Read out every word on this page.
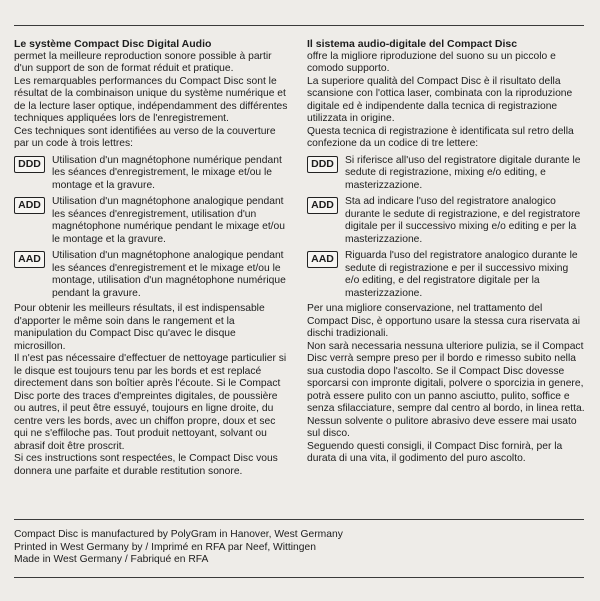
Le système Compact Disc Digital Audio

permet la meilleure reproduction sonore possible à partir d'un support de son de format réduit et pratique.

Les remarquables performances du Compact Disc sont le résultat de la combinaison unique du système numérique et de la lecture laser optique, indépendamment des différentes techniques appliquées lors de l'enregistrement.

Ces techniques sont identifiées au verso de la couverture par un code à trois lettres:

DDD	Utilisation d'un magnétophone numérique pendant les séances d'enregistrement, le mixage et/ou le montage et la gravure.
ADD	Utilisation d'un magnétophone analogique pendant les séances d'enregistrement, utilisation d'un magnétophone numérique pendant le mixage et/ou le montage et la gravure.
AAD	Utilisation d'un magnétophone analogique pendant les séances d'enregistrement et le mixage et/ou le montage, utilisation d'un magnétophone numérique pendant la gravure.

Pour obtenir les meilleurs résultats, il est indispensable d'apporter le même soin dans le rangement et la manipulation du Compact Disc qu'avec le disque microsillon.

Il n'est pas nécessaire d'effectuer de nettoyage particulier si le disque est toujours tenu par les bords et est replacé directement dans son boîtier après l'écoute. Si le Compact Disc porte des traces d'empreintes digitales, de poussière ou autres, il peut être essuyé, toujours en ligne droite, du centre vers les bords, avec un chiffon propre, doux et sec qui ne s'effiloche pas. Tout produit nettoyant, solvant ou abrasif doit être proscrit.

Si ces instructions sont respectées, le Compact Disc vous donnera une parfaite et durable restitution sonore.

Il sistema audio-digitale del Compact Disc

offre la migliore riproduzione del suono su un piccolo e comodo supporto.

La superiore qualità del Compact Disc è il risultato della scansione con l'ottica laser, combinata con la riproduzione digitale ed è indipendente dalla tecnica di registrazione utilizzata in origine.

Questa tecnica di registrazione è identificata sul retro della confezione da un codice di tre lettere:

DDD	Si riferisce all'uso del registratore digitale durante le sedute di registrazione, mixing e/o editing, e masterizzazione.
ADD	Sta ad indicare l'uso del registratore analogico durante le sedute di registrazione, e del registratore digitale per il successivo mixing e/o editing e per la masterizzazione.
AAD	Riguarda l'uso del registratore analogico durante le sedute di registrazione e per il successivo mixing e/o editing, e del registratore digitale per la masterizzazione.

Per una migliore conservazione, nel trattamento del Compact Disc, è opportuno usare la stessa cura riservata ai dischi tradizionali.

Non sarà necessaria nessuna ulteriore pulizia, se il Compact Disc verrà sempre preso per il bordo e rimesso subito nella sua custodia dopo l'ascolto. Se il Compact Disc dovesse sporcarsi con impronte digitali, polvere o sporcizia in genere, potrà essere pulito con un panno asciutto, pulito, soffice e senza sfilacciature, sempre dal centro al bordo, in linea retta. Nessun solvente o pulitore abrasivo deve essere mai usato sul disco.

Seguendo questi consigli, il Compact Disc fornirà, per la durata di una vita, il godimento del puro ascolto.

Compact Disc is manufactured by PolyGram in Hanover, West Germany
Printed in West Germany by / Imprimé en RFA par Neef, Wittingen
Made in West Germany / Fabriqué en RFA
